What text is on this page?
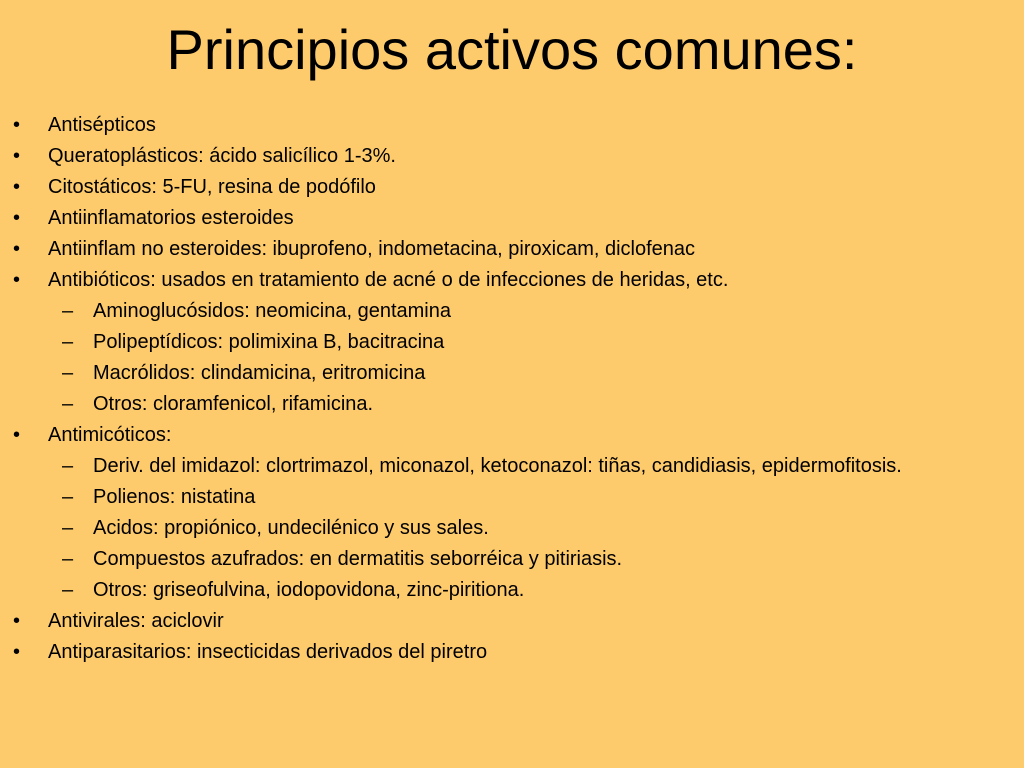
Principios activos comunes:
• Antisépticos
• Queratoplásticos: ácido salicílico 1-3%.
• Citostáticos: 5-FU, resina de podófilo
• Antiinflamatorios esteroides
• Antiinflam no esteroides: ibuprofeno, indometacina, piroxicam, diclofenac
• Antibióticos: usados en tratamiento de acné o de infecciones de heridas, etc.
– Aminoglucósidos: neomicina, gentamina
– Polipeptídicos: polimixina B, bacitracina
– Macrólidos: clindamicina, eritromicina
– Otros: cloramfenicol, rifamicina.
• Antimicóticos:
– Deriv. del imidazol: clortrimazol, miconazol, ketoconazol: tiñas, candidiasis, epidermofitosis.
– Polienos: nistatina
– Acidos: propiónico, undecilénico y sus sales.
– Compuestos azufrados: en dermatitis seborréica y pitiriasis.
– Otros: griseofulvina, iodopovidona, zinc-piritiona.
• Antivirales: aciclovir
• Antiparasitarios: insecticidas derivados del piretro
